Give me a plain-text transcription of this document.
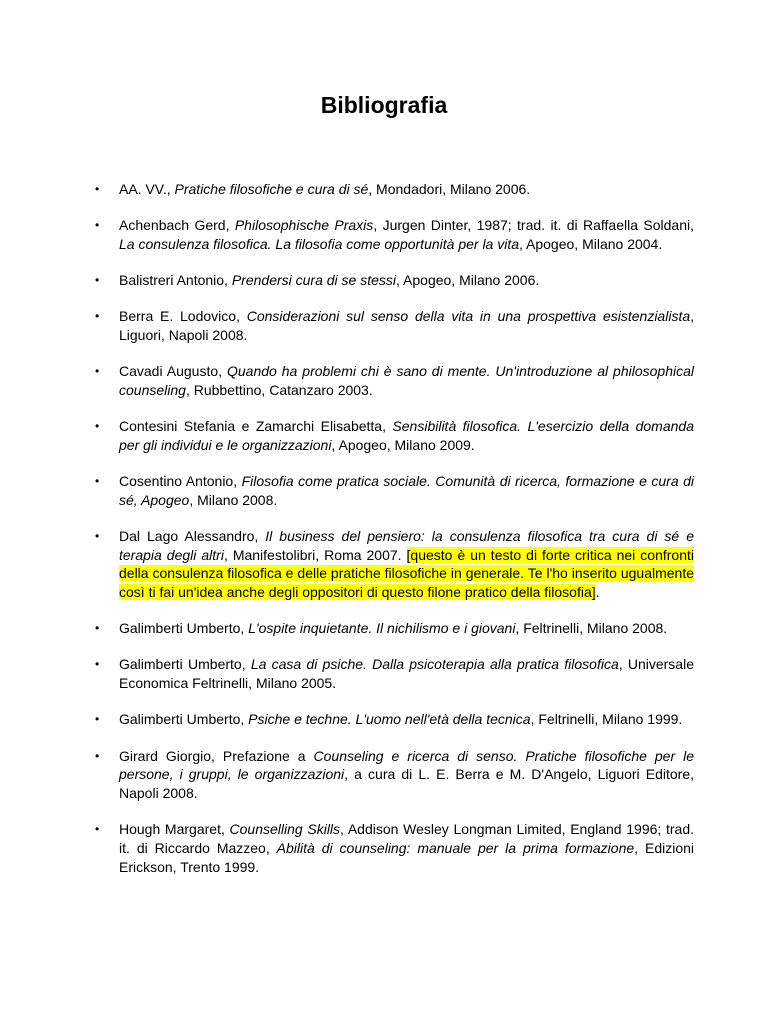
Bibliografia
• AA. VV., Pratiche filosofiche e cura di sé, Mondadori, Milano 2006.
• Achenbach Gerd, Philosophische Praxis, Jurgen Dinter, 1987; trad. it. di Raffaella Soldani, La consulenza filosofica. La filosofia come opportunità per la vita, Apogeo, Milano 2004.
• Balistreri Antonio, Prendersi cura di se stessi, Apogeo, Milano 2006.
• Berra E. Lodovico, Considerazioni sul senso della vita in una prospettiva esistenzialista, Liguori, Napoli 2008.
• Cavadi Augusto, Quando ha problemi chi è sano di mente. Un'introduzione al philosophical counseling, Rubbettino, Catanzaro 2003.
• Contesini Stefania e Zamarchi Elisabetta, Sensibilità filosofica. L'esercizio della domanda per gli individui e le organizzazioni, Apogeo, Milano 2009.
• Cosentino Antonio, Filosofia come pratica sociale. Comunità di ricerca, formazione e cura di sé, Apogeo, Milano 2008.
• Dal Lago Alessandro, Il business del pensiero: la consulenza filosofica tra cura di sé e terapia degli altri, Manifestolibri, Roma 2007. [questo è un testo di forte critica nei confronti della consulenza filosofica e delle pratiche filosofiche in generale. Te l'ho inserito ugualmente così ti fai un'idea anche degli oppositori di questo filone pratico della filosofia].
• Galimberti Umberto, L'ospite inquietante. Il nichilismo e i giovani, Feltrinelli, Milano 2008.
• Galimberti Umberto, La casa di psiche. Dalla psicoterapia alla pratica filosofica, Universale Economica Feltrinelli, Milano 2005.
• Galimberti Umberto, Psiche e techne. L'uomo nell'età della tecnica, Feltrinelli, Milano 1999.
• Girard Giorgio, Prefazione a Counseling e ricerca di senso. Pratiche filosofiche per le persone, i gruppi, le organizzazioni, a cura di L. E. Berra e M. D'Angelo, Liguori Editore, Napoli 2008.
• Hough Margaret, Counselling Skills, Addison Wesley Longman Limited, England 1996; trad. it. di Riccardo Mazzeo, Abilità di counseling: manuale per la prima formazione, Edizioni Erickson, Trento 1999.
